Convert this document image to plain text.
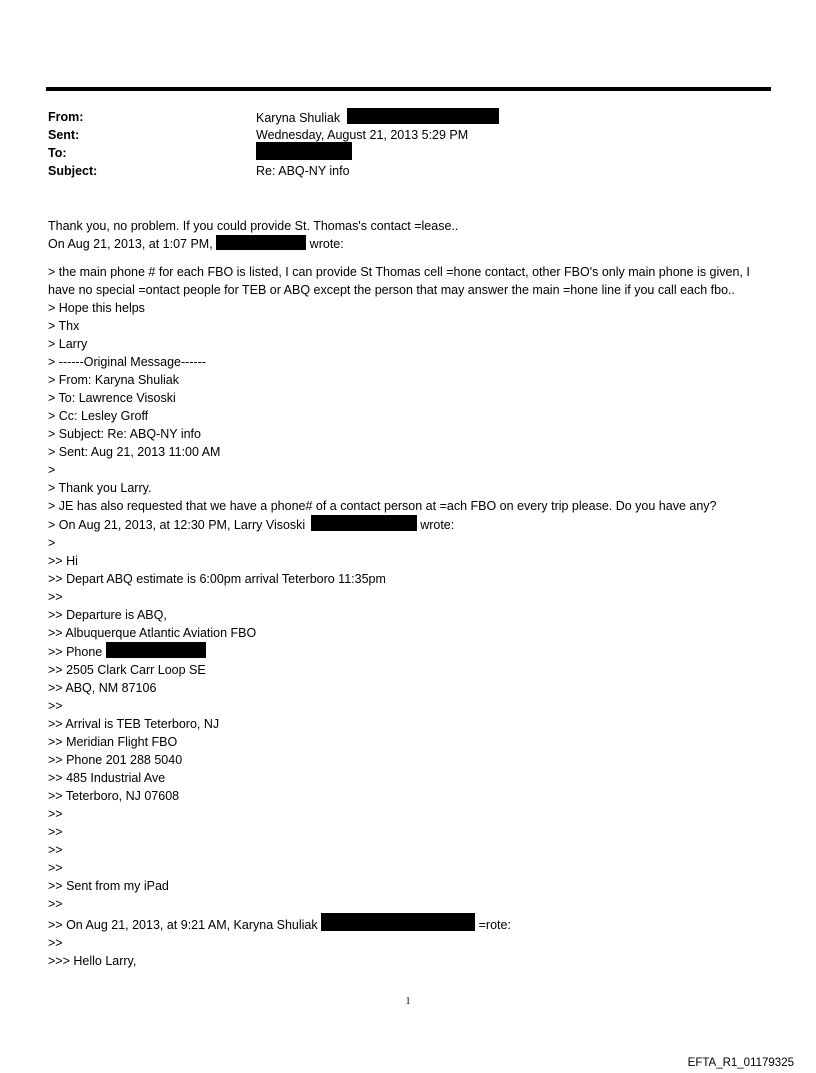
From:	Karyna Shuliak
Sent:	Wednesday, August 21, 2013 5:29 PM
To:
Subject:	Re: ABQ-NY info
Thank you, no problem. If you could provide St. Thomas's contact =lease..
On Aug 21, 2013, at 1:07 PM,	wrote:
> the main phone # for each FBO is listed, I can provide St Thomas cell =hone contact, other FBO's only main phone is given, I have no special =ontact people for TEB or ABQ except the person that may answer the main =hone line if you call each fbo..
> Hope this helps
> Thx
> Larry
> ------Original Message------
> From: Karyna Shuliak
> To: Lawrence Visoski
> Cc: Lesley Groff
> Subject: Re: ABQ-NY info
> Sent: Aug 21, 2013 11:00 AM
>
> Thank you Larry.
> JE has also requested that we have a phone# of a contact person at =ach FBO on every trip please. Do you have any?
> On Aug 21, 2013, at 12:30 PM, Larry Visoski	wrote:
>
>> Hi
>> Depart ABQ estimate is 6:00pm arrival Teterboro 11:35pm
>>
>> Departure is ABQ,
>> Albuquerque Atlantic Aviation FBO
>> Phone
>> 2505 Clark Carr Loop SE
>> ABQ, NM 87106
>>
>> Arrival is TEB Teterboro, NJ
>> Meridian Flight FBO
>> Phone 201 288 5040
>> 485 Industrial Ave
>> Teterboro, NJ 07608
>>
>>
>>
>>
>> Sent from my iPad
>>
>> On Aug 21, 2013, at 9:21 AM, Karyna Shuliak	=rote:
>>
>>> Hello Larry,
1
EFTA_R1_01179325
